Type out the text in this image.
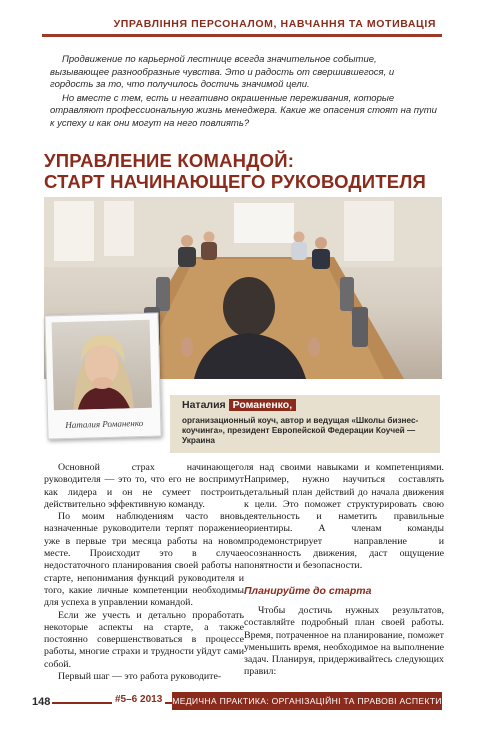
УПРАВЛІННЯ ПЕРСОНАЛОМ, НАВЧАННЯ ТА МОТИВАЦІЯ

Продвижение по карьерной лестнице всегда значительное событие, вызывающее разнообразные чувства. Это и радость от свершившегося, и гордость за то, что получилось достичь значимой цели.

Но вместе с тем, есть и негативно окрашенные переживания, которые отравляют профессиональную жизнь менеджера. Какие же опасения стоят на пути к успеху и как они могут на него повлиять?

УПРАВЛЕНИЕ КОМАНДОЙ:
СТАРТ НАЧИНАЮЩЕГО РУКОВОДИТЕЛЯ
Наталия Романенко
Наталия Романенко,
организационный коуч, автор и ведущая «Школы бизнес-коучинга», президент Европейской Федерации Коучей — Украина

Основной страх начинающего руководителя — это то, что его не воспримут как лидера и он не сумеет построить действительно эффективную команду.

По моим наблюдениям часто вновь назначенные руководители терпят поражение уже в первые три месяца работы на новом месте. Происходит это в случае недостаточного планирования своей работы на старте, непонимания функций руководителя и того, какие личные компетенции необходимы для успеха в управлении командой.

Если же учесть и детально проработать некоторые аспекты на старте, а также постоянно совершенствоваться в процессе работы, многие страхи и трудности уйдут сами собой.

Первый шаг — это работа руководите-

ля над своими навыками и компетенциями. Например, нужно научиться составлять детальный план действий до начала движения к цели. Это поможет структурировать свою деятельность и наметить правильные ориентиры. А членам команды продемонстрирует направление и осознанность движения, даст ощущение понятности и безопасности.

Планируйте до старта

Чтобы достичь нужных результатов, составляйте подробный план своей работы. Время, потраченное на планирование, поможет уменьшить время, необходимое на выполнение задач. Планируя, придерживайтесь следующих правил:

148	#5–6 2013	МЕДИЧНА ПРАКТИКА: ОРГАНІЗАЦІЙНІ ТА ПРАВОВІ АСПЕКТИ
